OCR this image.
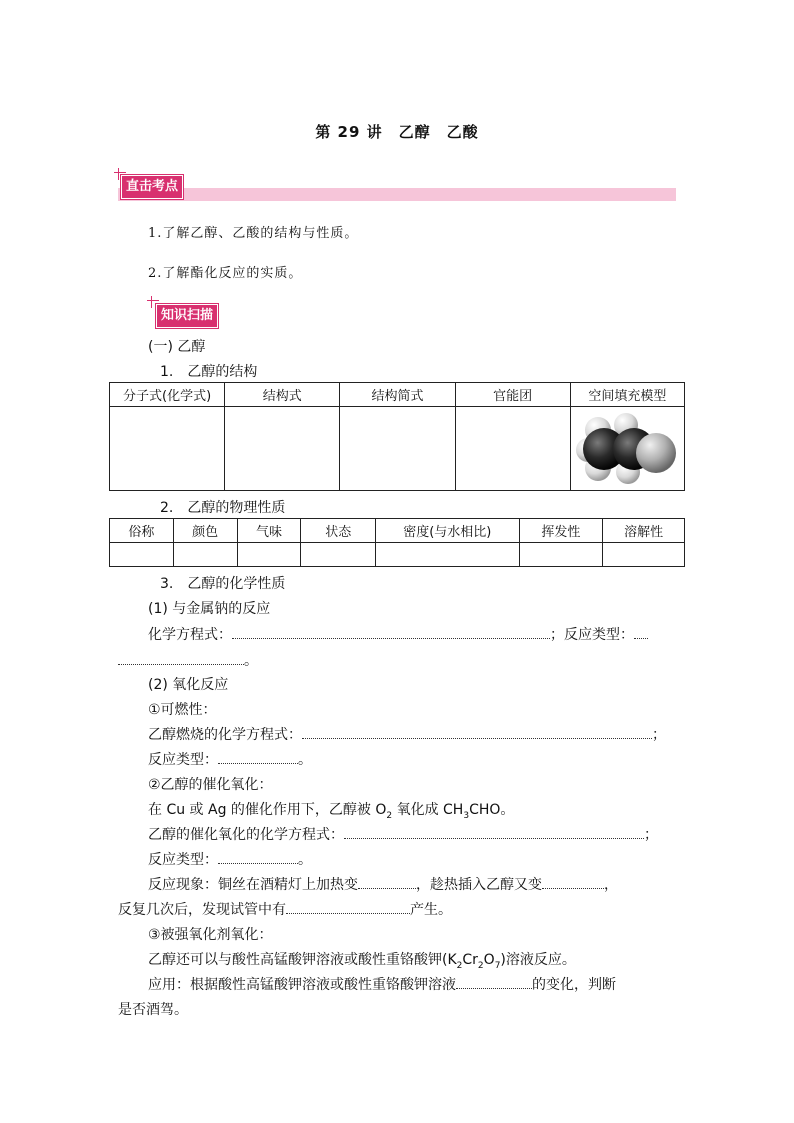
第 29 讲　乙醇　乙酸
直击考点
1.了解乙醇、乙酸的结构与性质。
2.了解酯化反应的实质。
知识扫描
(一) 乙醇
1.　乙醇的结构
分子式(化学式)	结构式	结构简式	官能团	空间填充模型

2.　乙醇的物理性质
俗称	颜色	气味	状态	密度(与水相比)	挥发性	溶解性

3.　乙醇的化学性质
(1) 与金属钠的反应
化学方程式：	；反应类型：
。
(2) 氧化反应
①可燃性：
乙醇燃烧的化学方程式：	；
反应类型：	。
②乙醇的催化氧化：
在 Cu 或 Ag 的催化作用下，乙醇被 $O_2$ 氧化成 $CH_3CHO$。
乙醇的催化氧化的化学方程式：	；
反应类型：	。
反应现象：铜丝在酒精灯上加热变	，趁热插入乙醇又变	，
反复几次后，发现试管中有	产生。
③被强氧化剂氧化：
乙醇还可以与酸性高锰酸钾溶液或酸性重铬酸钾$(K_2Cr_2O_7)$溶液反应。
应用：根据酸性高锰酸钾溶液或酸性重铬酸钾溶液	的变化，判断
是否酒驾。
